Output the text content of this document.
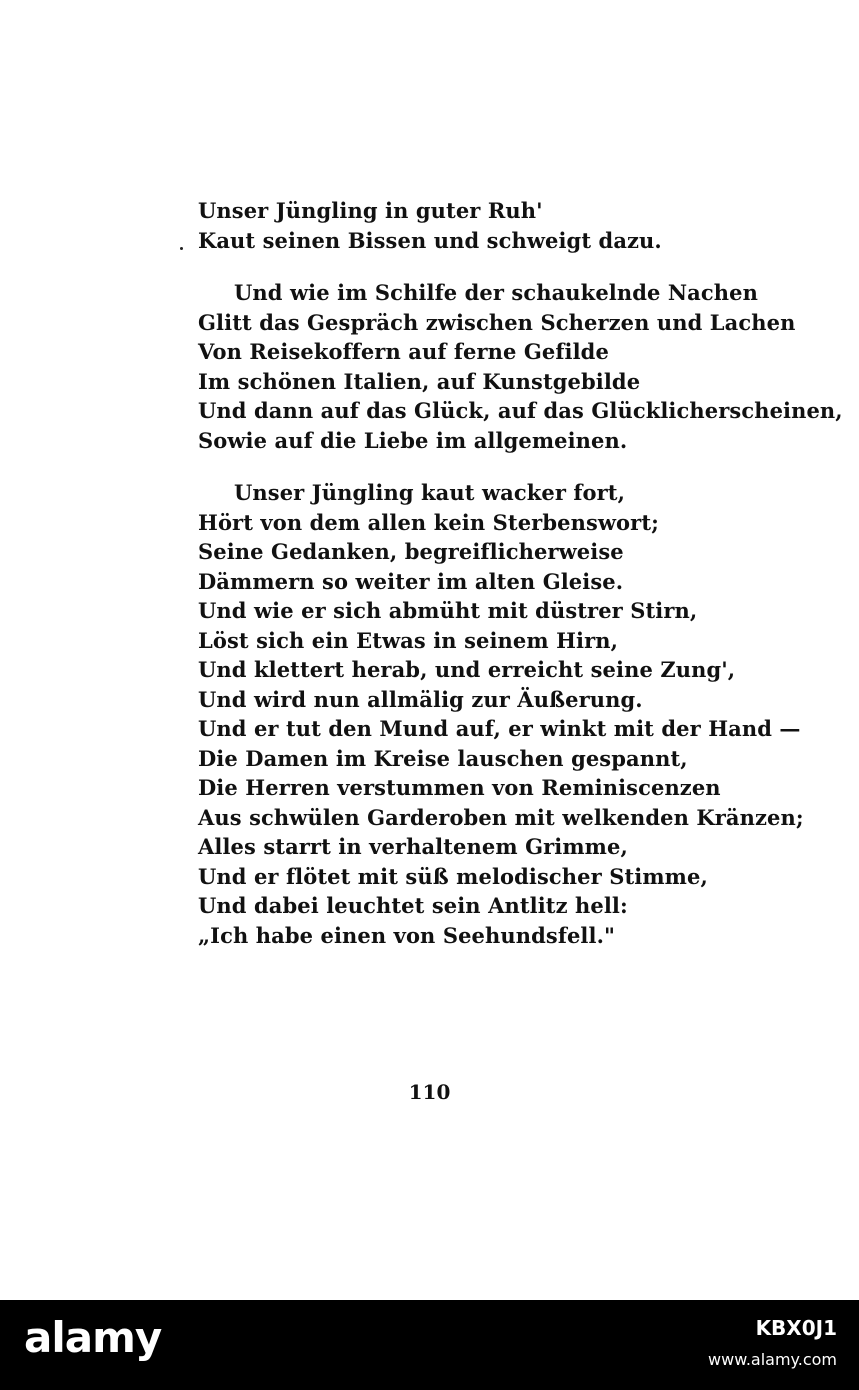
Unser Jüngling in guter Ruh'
Kaut seinen Bissen und schweigt dazu.
Und wie im Schilfe der schaukelnde Nachen
Glitt das Gespräch zwischen Scherzen und Lachen
Von Reisekoffern auf ferne Gefilde
Im schönen Italien, auf Kunstgebilde
Und dann auf das Glück, auf das Glücklicherscheinen,
Sowie auf die Liebe im allgemeinen.
Unser Jüngling kaut wacker fort,
Hört von dem allen kein Sterbenswort;
Seine Gedanken, begreiflicherweise
Dämmern so weiter im alten Gleise.
Und wie er sich abmüht mit düstrer Stirn,
Löst sich ein Etwas in seinem Hirn,
Und klettert herab, und erreicht seine Zung',
Und wird nun allmälig zur Äußerung.
Und er tut den Mund auf, er winkt mit der Hand —
Die Damen im Kreise lauschen gespannt,
Die Herren verstummen von Reminiscenzen
Aus schwülen Garderoben mit welkenden Kränzen;
Alles starrt in verhaltenem Grimme,
Und er flötet mit süß melodischer Stimme,
Und dabei leuchtet sein Antlitz hell:
„Ich habe einen von Seehundsfell."
110
alamy	KBX0J1
www.alamy.com
